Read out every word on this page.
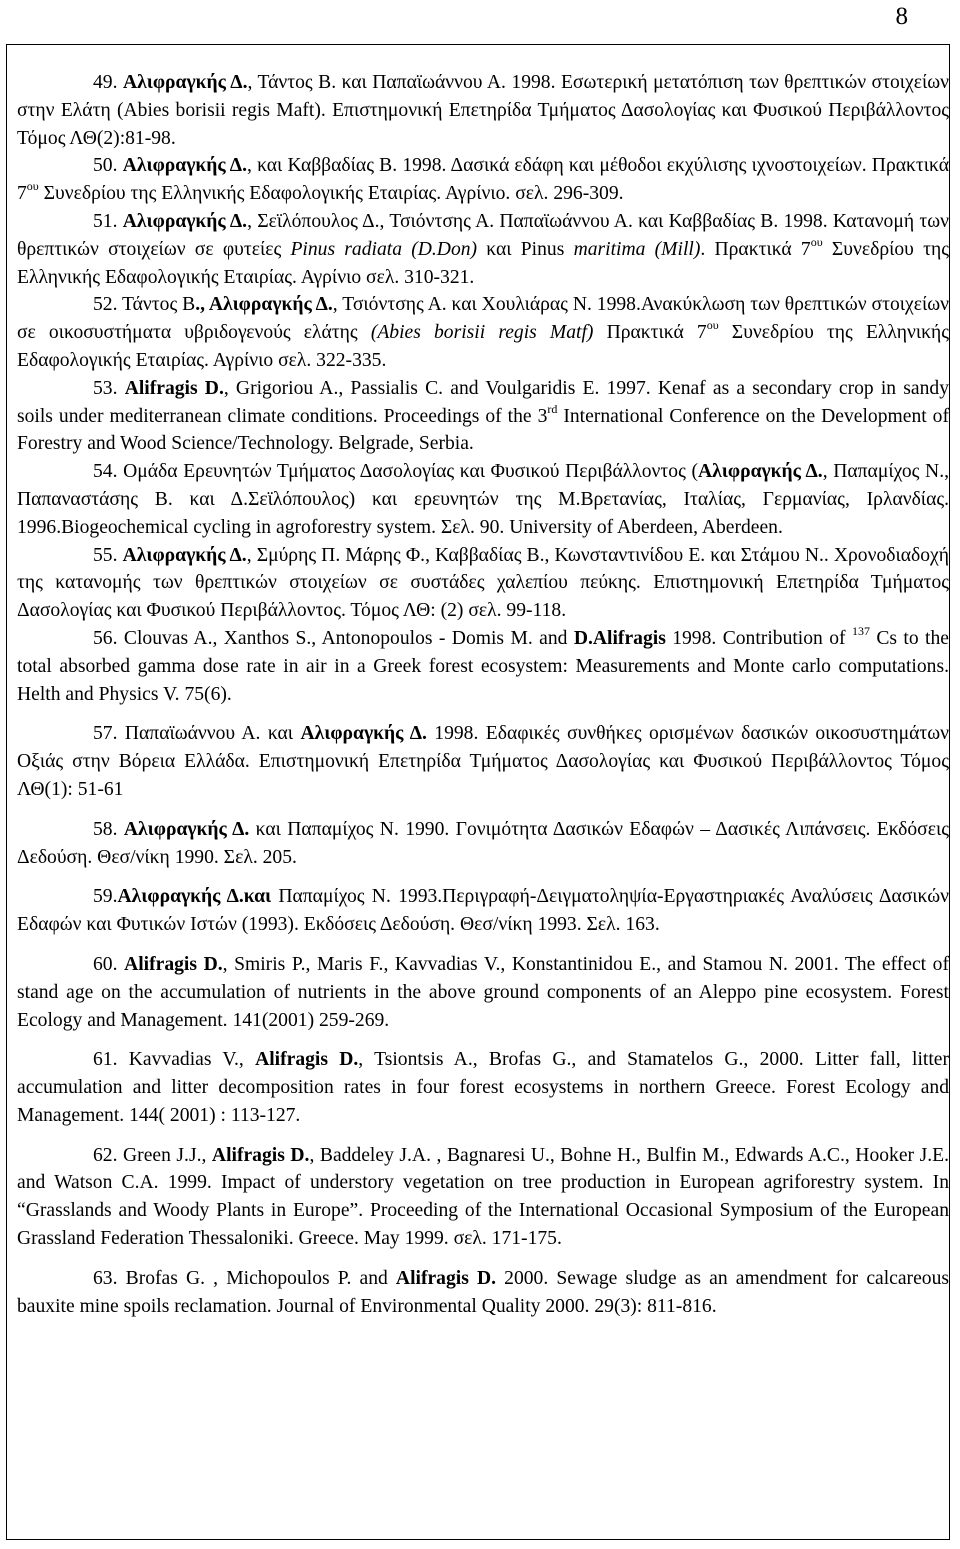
8

49. Αλιφραγκής Δ., Τάντος Β. και Παπαϊωάννου Α. 1998. Εσωτερική μετατόπιση των θρεπτικών στοιχείων στην Ελάτη (Abies borisii regis Maft). Επιστημονική Επετηρίδα Τμήματος Δασολογίας και Φυσικού Περιβάλλοντος Τόμος ΛΘ(2):81-98.

50. Αλιφραγκής Δ., και Καββαδίας Β. 1998. Δασικά εδάφη και μέθοδοι εκχύλισης ιχνοστοιχείων. Πρακτικά $7^{o\upsilon}$ Συνεδρίου της Ελληνικής Εδαφολογικής Εταιρίας. Αγρίνιο. σελ. 296-309.

51. Αλιφραγκής Δ., Σεϊλόπουλος Δ., Τσιόντσης Α. Παπαϊωάννου Α. και Καββαδίας Β. 1998. Κατανομή των θρεπτικών στοιχείων σε φυτείες Pinus radiata (D.Don) και Pinus maritima (Mill). Πρακτικά $7^{o\upsilon}$ Συνεδρίου της Ελληνικής Εδαφολογικής Εταιρίας. Αγρίνιο σελ. 310-321.

52. Τάντος Β., Αλιφραγκής Δ., Τσιόντσης Α. και Χουλιάρας Ν. 1998.Ανακύκλωση των θρεπτικών στοιχείων σε οικοσυστήματα υβριδογενούς ελάτης (Abies borisii regis Matf) Πρακτικά $7^{o\upsilon}$ Συνεδρίου της Ελληνικής Εδαφολογικής Εταιρίας. Αγρίνιο σελ. 322-335.

53. Alifragis D., Grigoriou A., Passialis C. and Voulgaridis E. 1997. Kenaf as a secondary crop in sandy soils under mediterranean climate conditions. Proceedings of the 3rd International Conference on the Development of Forestry and Wood Science/Technology. Belgrade, Serbia.

54. Ομάδα Ερευνητών Τμήματος Δασολογίας και Φυσικού Περιβάλλοντος (Αλιφραγκής Δ., Παπαμίχος Ν., Παπαναστάσης Β. και Δ.Σεϊλόπουλος) και ερευνητών της Μ.Βρετανίας, Ιταλίας, Γερμανίας, Ιρλανδίας. 1996.Biogeochemical cycling in agroforestry system. Σελ. 90. University of Aberdeen, Aberdeen.

55. Αλιφραγκής Δ., Σμύρης Π. Μάρης Φ., Καββαδίας Β., Κωνσταντινίδου Ε. και Στάμου Ν.. Χρονοδιαδοχή της κατανομής των θρεπτικών στοιχείων σε συστάδες χαλεπίου πεύκης. Επιστημονική Επετηρίδα Τμήματος Δασολογίας και Φυσικού Περιβάλλοντος. Τόμος ΛΘ: (2) σελ. 99-118.

56. Clouvas A., Xanthos S., Antonopoulos - Domis M. and D.Alifragis 1998. Contribution of $^{137}$ Cs to the total absorbed gamma dose rate in air in a Greek forest ecosystem: Measurements and Monte carlo computations. Helth and Physics V. 75(6).

57. Παπαϊωάννου Α. και Αλιφραγκής Δ. 1998. Εδαφικές συνθήκες ορισμένων δασικών οικοσυστημάτων Οξιάς στην Βόρεια Ελλάδα. Επιστημονική Επετηρίδα Τμήματος Δασολογίας και Φυσικού Περιβάλλοντος Τόμος ΛΘ(1): 51-61

58. Αλιφραγκής Δ. και Παπαμίχος Ν. 1990. Γονιμότητα Δασικών Εδαφών – Δασικές Λιπάνσεις. Εκδόσεις Δεδούση. Θεσ/νίκη 1990. Σελ. 205.

59.Αλιφραγκής Δ.και Παπαμίχος Ν. 1993.Περιγραφή-Δειγματοληψία-Εργαστηριακές Αναλύσεις Δασικών Εδαφών και Φυτικών Ιστών (1993). Εκδόσεις Δεδούση. Θεσ/νίκη 1993. Σελ. 163.

60. Alifragis D., Smiris P., Maris F., Kavvadias V., Konstantinidou E., and Stamou N. 2001. The effect of stand age on the accumulation of nutrients in the above ground components of an Aleppo pine ecosystem. Forest Ecology and Management. 141(2001) 259-269.

61. Kavvadias V., Alifragis D., Tsiontsis A., Brofas G., and Stamatelos G., 2000. Litter fall, litter accumulation and litter decomposition rates in four forest ecosystems in northern Greece. Forest Ecology and Management. 144( 2001) : 113-127.

62. Green J.J., Alifragis D., Baddeley J.A. , Bagnaresi U., Bohne H., Bulfin M., Edwards A.C., Hooker J.E. and Watson C.A. 1999. Impact of understory vegetation on tree production in European agriforestry system. In “Grasslands and Woody Plants in Europe”. Proceeding of the International Occasional Symposium of the European Grassland Federation Thessaloniki. Greece. May 1999. σελ. 171-175.

63. Brofas G. , Michopoulos P. and Alifragis D. 2000. Sewage sludge as an amendment for calcareous bauxite mine spoils reclamation. Journal of Environmental Quality 2000. 29(3): 811-816.
